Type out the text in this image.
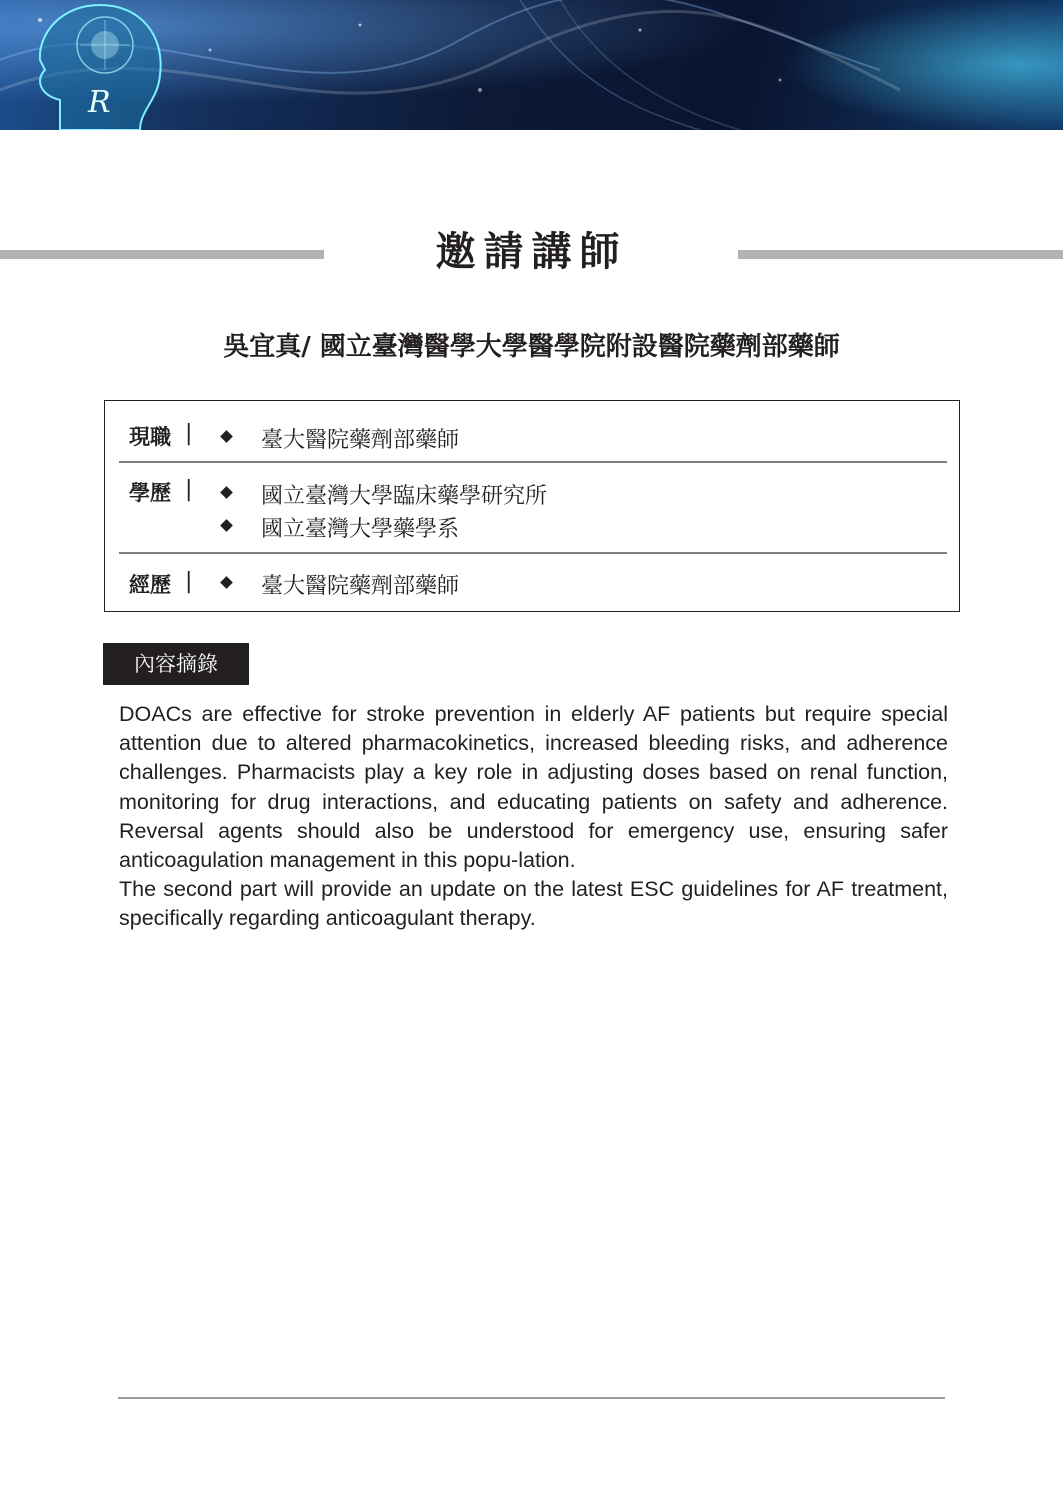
R
邀請講師
吳宜真/ 國立臺灣醫學大學醫學院附設醫院藥劑部藥師
現職 |	臺大醫院藥劑部藥師
學歷 |	國立臺灣大學臨床藥學研究所
國立臺灣大學藥學系
經歷 |	臺大醫院藥劑部藥師
內容摘錄

DOACs are effective for stroke prevention in elderly AF patients but require special attention due to altered pharmacokinetics, increased bleeding risks, and adherence challenges. Pharmacists play a key role in adjusting doses based on renal function, monitoring for drug interactions, and educating patients on safety and adherence. Reversal agents should also be understood for emergency use, ensuring safer anticoagulation management in this popu-lation.

The second part will provide an update on the latest ESC guidelines for AF treatment, specifically regarding anticoagulant therapy.
